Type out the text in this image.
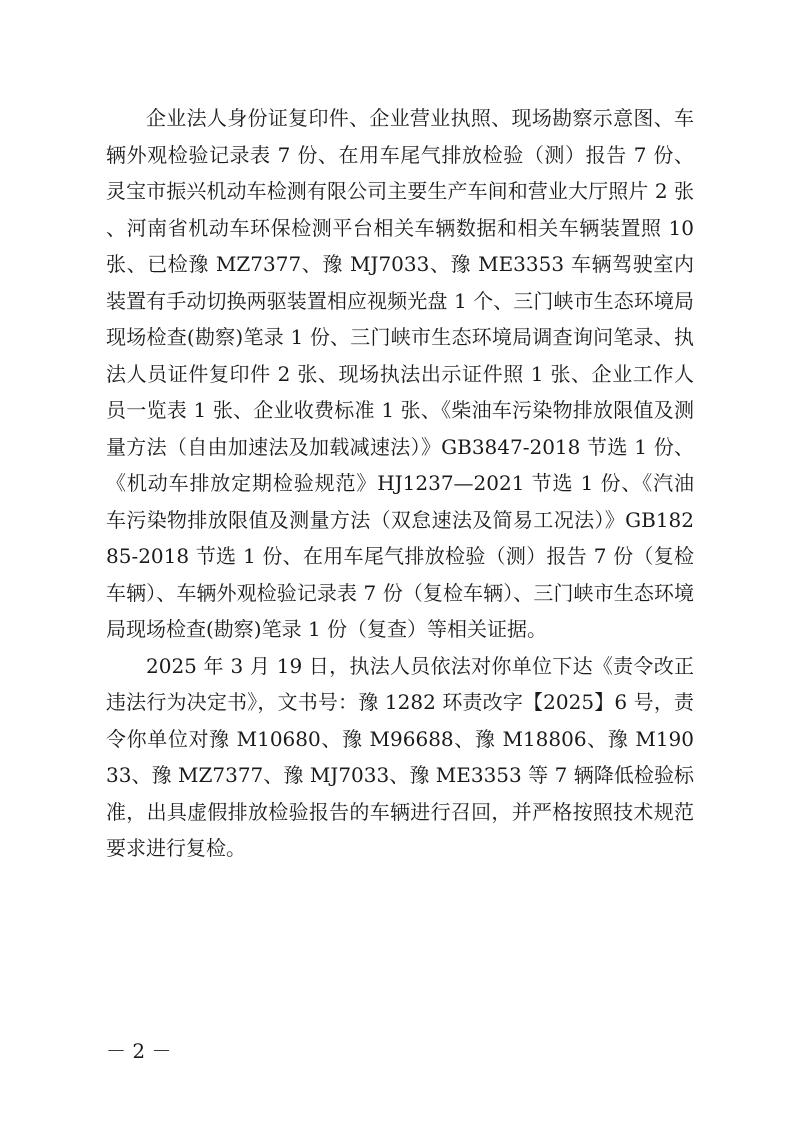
企业法人身份证复印件、企业营业执照、现场勘察示意图、车辆外观检验记录表 7 份、在用车尾气排放检验（测）报告 7 份、灵宝市振兴机动车检测有限公司主要生产车间和营业大厅照片 2 张、河南省机动车环保检测平台相关车辆数据和相关车辆装置照 10 张、已检豫 MZ7377、豫 MJ7033、豫 ME3353 车辆驾驶室内装置有手动切换两驱装置相应视频光盘 1 个、三门峡市生态环境局现场检查(勘察)笔录 1 份、三门峡市生态环境局调查询问笔录、执法人员证件复印件 2 张、现场执法出示证件照 1 张、企业工作人员一览表 1 张、企业收费标准 1 张、《柴油车污染物排放限值及测量方法（自由加速法及加载减速法）》GB3847-2018 节选 1 份、《机动车排放定期检验规范》HJ1237—2021 节选 1 份、《汽油车污染物排放限值及测量方法（双怠速法及简易工况法）》GB18285-2018 节选 1 份、在用车尾气排放检验（测）报告 7 份（复检车辆）、车辆外观检验记录表 7 份（复检车辆）、三门峡市生态环境局现场检查(勘察)笔录 1 份（复查）等相关证据。

2025 年 3 月 19 日，执法人员依法对你单位下达《责令改正违法行为决定书》，文书号：豫 1282 环责改字【2025】6 号，责令你单位对豫 M10680、豫 M96688、豫 M18806、豫 M19033、豫 MZ7377、豫 MJ7033、豫 ME3353 等 7 辆降低检验标准，出具虚假排放检验报告的车辆进行召回，并严格按照技术规范要求进行复检。

－ 2 －
